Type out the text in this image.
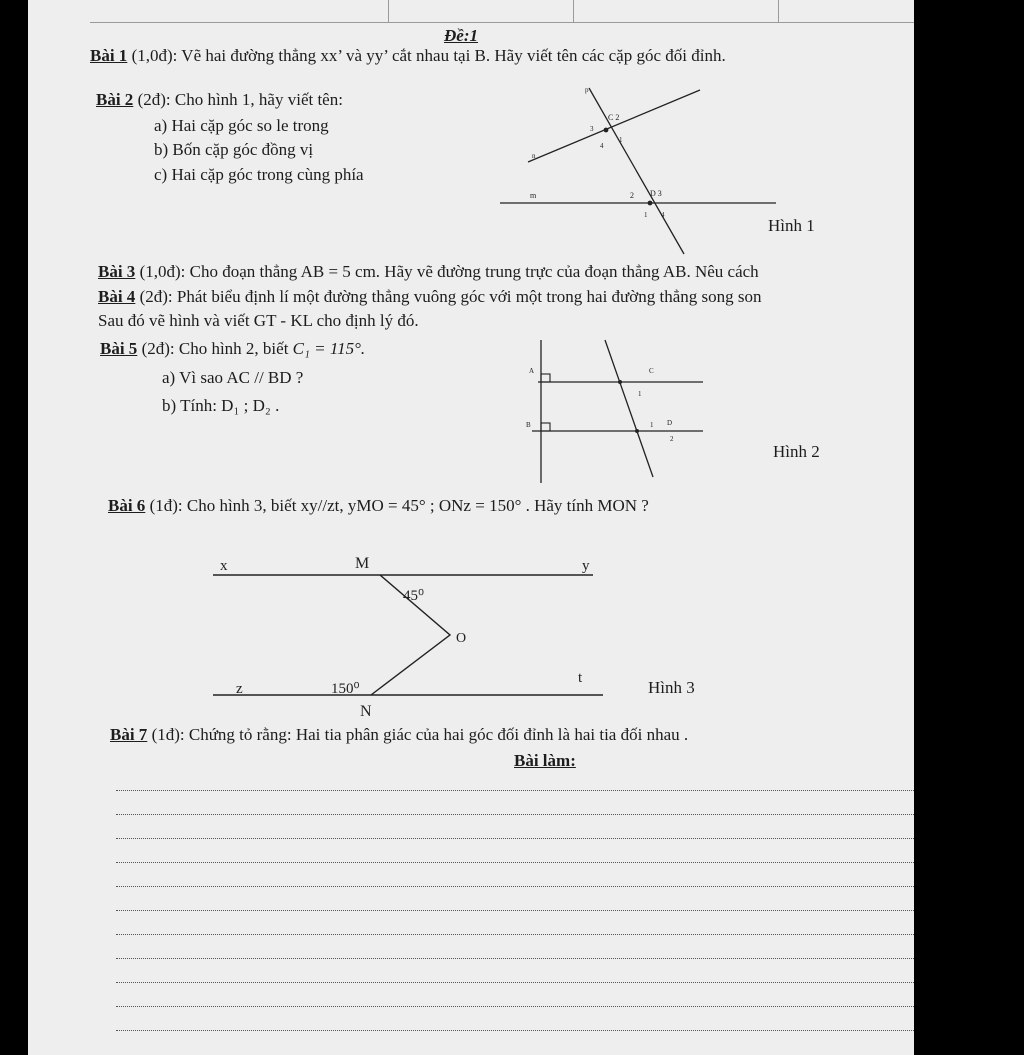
Đề:1
Bài 1 (1,0đ): Vẽ hai đường thẳng xx’ và yy’ cắt nhau tại B. Hãy viết tên các cặp góc đối đỉnh.
Bài 2 (2đ): Cho hình 1, hãy viết tên:
a) Hai cặp góc so le trong
b) Bốn cặp góc đồng vị
c) Hai cặp góc trong cùng phía
p
C 2
3
1
4
n
m	2 D 3
1 4
Hình 1
Bài 3 (1,0đ): Cho đoạn thẳng AB = 5 cm. Hãy vẽ đường trung trực của đoạn thẳng AB. Nêu cách
Bài 4 (2đ): Phát biểu định lí một đường thẳng vuông góc với một trong hai đường thẳng song son
Sau đó vẽ hình và viết GT - KL cho định lý đó.
Bài 5 (2đ): Cho hình 2, biết C₁ = 115°.
a) Vì sao AC // BD ?
b) Tính: D₁ ; D₂ .
A	C
1
B	D
1
2
Hình 2
Bài 6 (1đ): Cho hình 3, biết xy//zt, yMO = 45° ; ONz = 150° . Hãy tính MON ?
x	M	y
45⁰
O
t
z	150⁰
N
Hình 3
Bài 7 (1đ): Chứng tỏ rằng: Hai tia phân giác của hai góc đối đỉnh là hai tia đối nhau .
Bài làm:
